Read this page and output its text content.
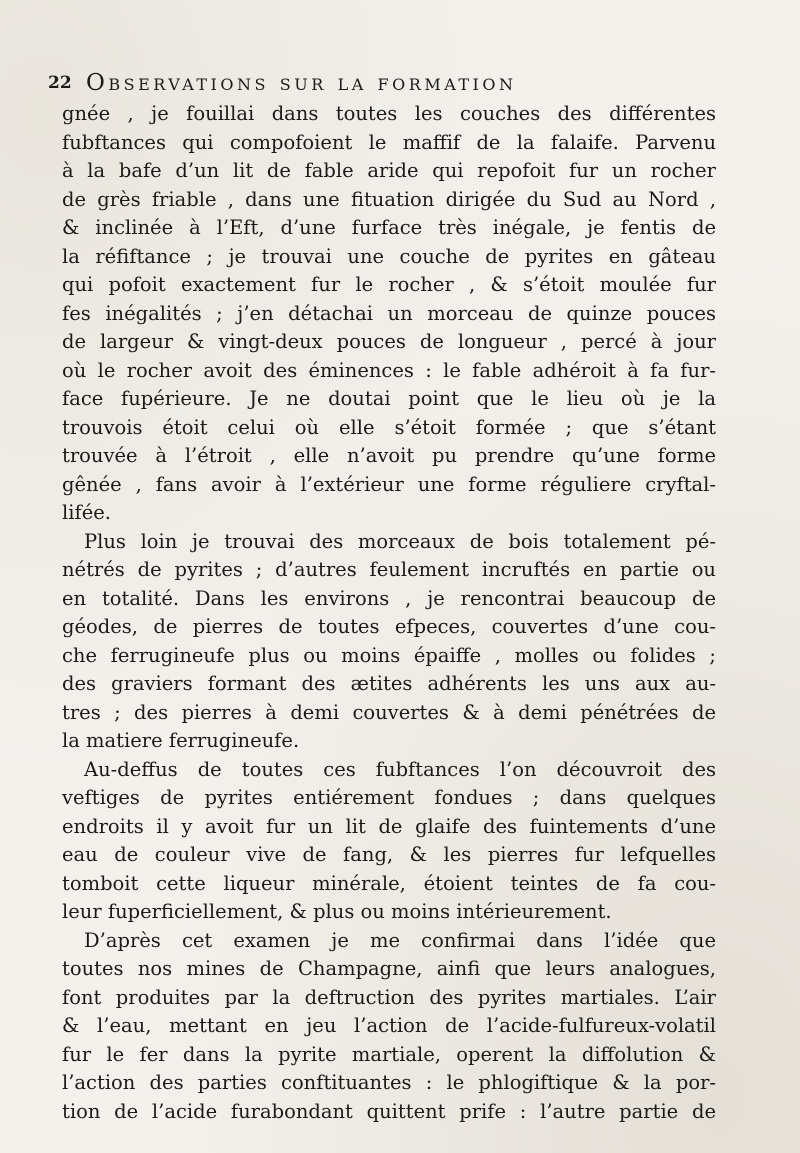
22 Observations sur la formation
gnée , je fouillai dans toutes les couches des différentes
fubftances qui compofoient le maffif de la falaife. Parvenu
à la bafe d’un lit de fable aride qui repofoit fur un rocher
de grès friable , dans une fituation dirigée du Sud au Nord ,
& inclinée à l’Eft, d’une furface très inégale, je fentis de
la réfiftance ; je trouvai une couche de pyrites en gâteau
qui pofoit exactement fur le rocher , & s’étoit moulée fur
fes inégalités ; j’en détachai un morceau de quinze pouces
de largeur & vingt-deux pouces de longueur , percé à jour
où le rocher avoit des éminences : le fable adhéroit à fa fur-
face fupérieure. Je ne doutai point que le lieu où je la
trouvois étoit celui où elle s’étoit formée ; que s’étant
trouvée à l’étroit , elle n’avoit pu prendre qu’une forme
gênée , fans avoir à l’extérieur une forme réguliere cryftal-
lifée.
Plus loin je trouvai des morceaux de bois totalement pé-
nétrés de pyrites ; d’autres feulement incruftés en partie ou
en totalité. Dans les environs , je rencontrai beaucoup de
géodes, de pierres de toutes efpeces, couvertes d’une cou-
che ferrugineufe plus ou moins épaiffe , molles ou folides ;
des graviers formant des ætites adhérents les uns aux au-
tres ; des pierres à demi couvertes & à demi pénétrées de
la matiere ferrugineufe.
Au-deffus de toutes ces fubftances l’on découvroit des
veftiges de pyrites entiérement fondues ; dans quelques
endroits il y avoit fur un lit de glaife des fuintements d’une
eau de couleur vive de fang, & les pierres fur lefquelles
tomboit cette liqueur minérale, étoient teintes de fa cou-
leur fuperficiellement, & plus ou moins intérieurement.
D’après cet examen je me confirmai dans l’idée que
toutes nos mines de Champagne, ainfi que leurs analogues,
font produites par la deftruction des pyrites martiales. L’air
& l’eau, mettant en jeu l’action de l’acide-fulfureux-volatil
fur le fer dans la pyrite martiale, operent la diffolution &
l’action des parties conftituantes : le phlogiftique & la por-
tion de l’acide furabondant quittent prife : l’autre partie de
